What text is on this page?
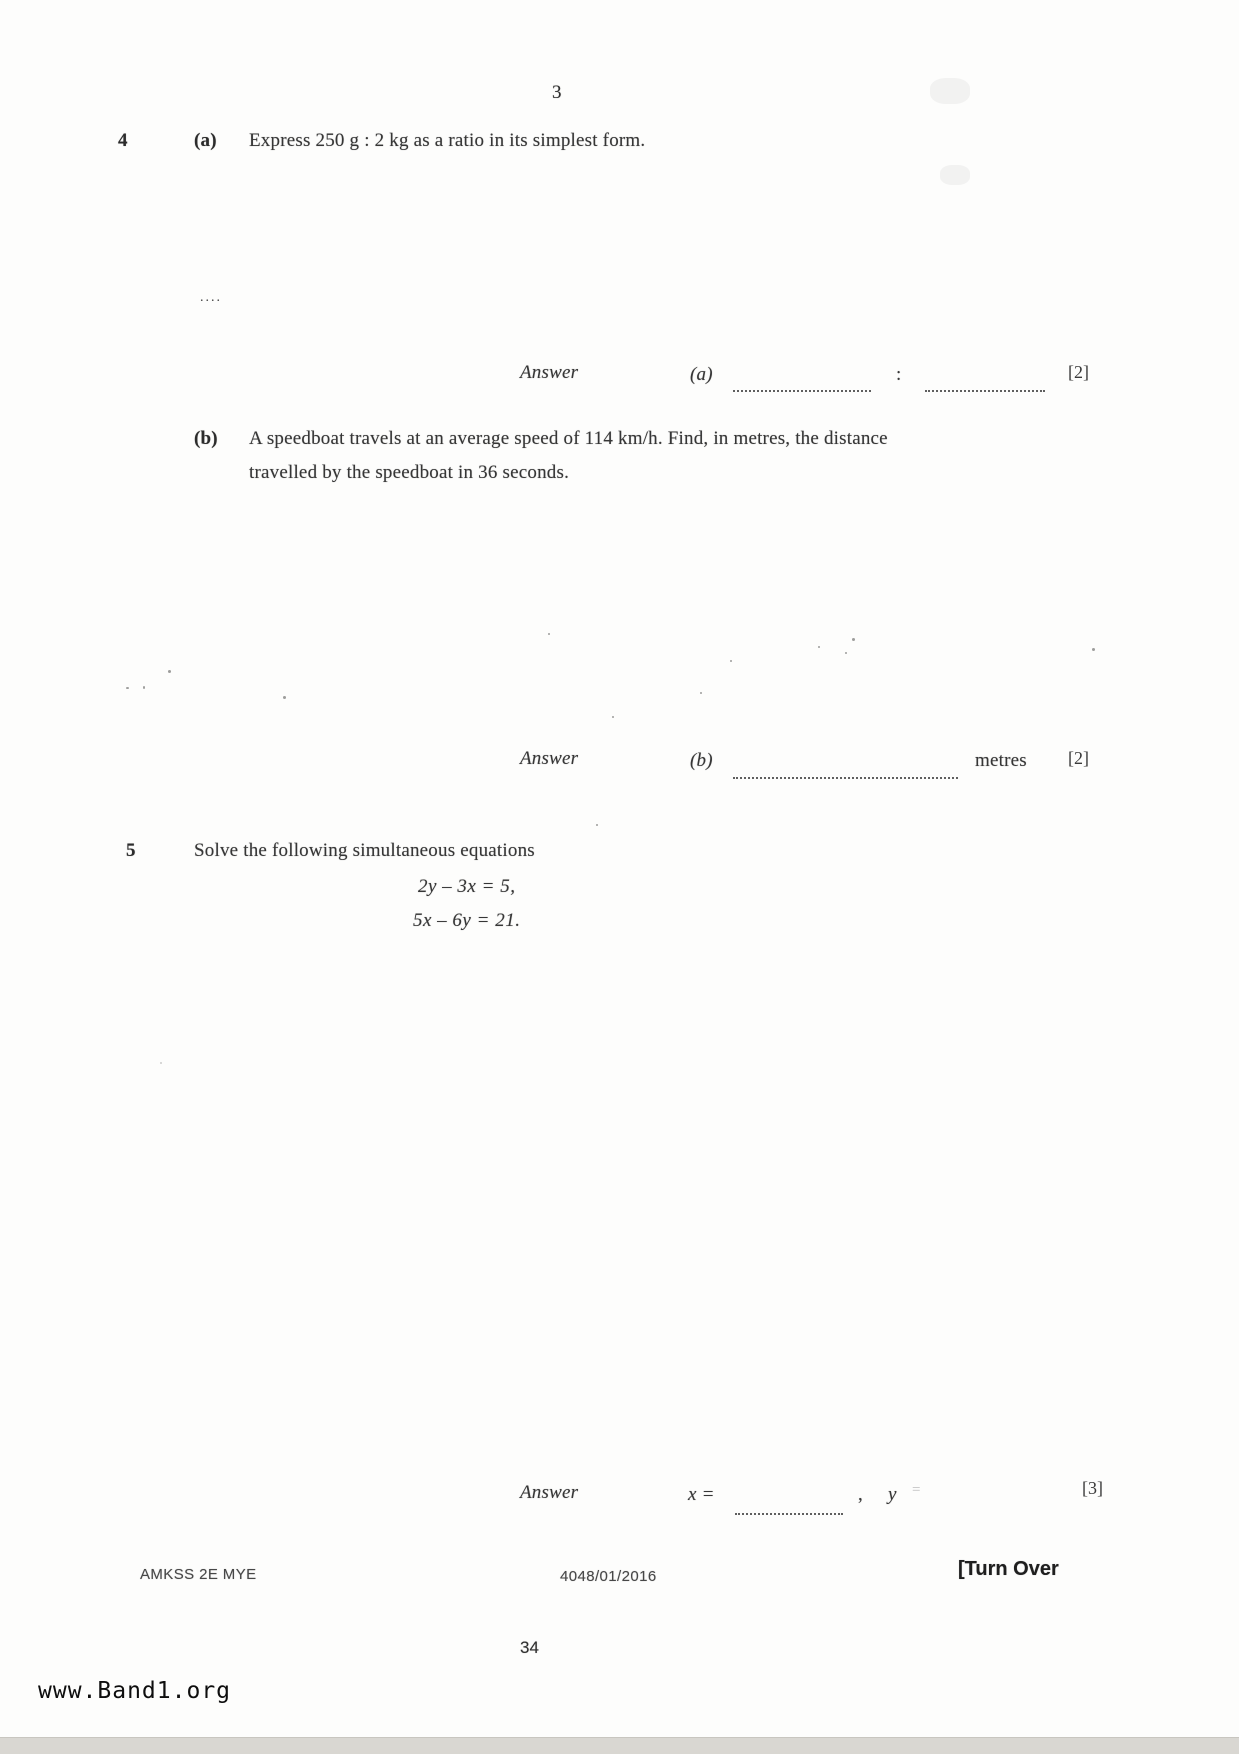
3
4	(a) Express 250 g : 2 kg as a ratio in its simplest form.
....
Answer	(a)	:	[2]
(b) A speedboat travels at an average speed of 114 km/h. Find, in metres, the distance
travelled by the speedboat in 36 seconds.
Answer	(b)	metres [2]
5	Solve the following simultaneous equations
2y – 3x = 5,
5x – 6y = 21.
Answer	x =	, y =	[3]
AMKSS 2E MYE	4048/01/2016	[Turn Over
34
www.Band1.org
